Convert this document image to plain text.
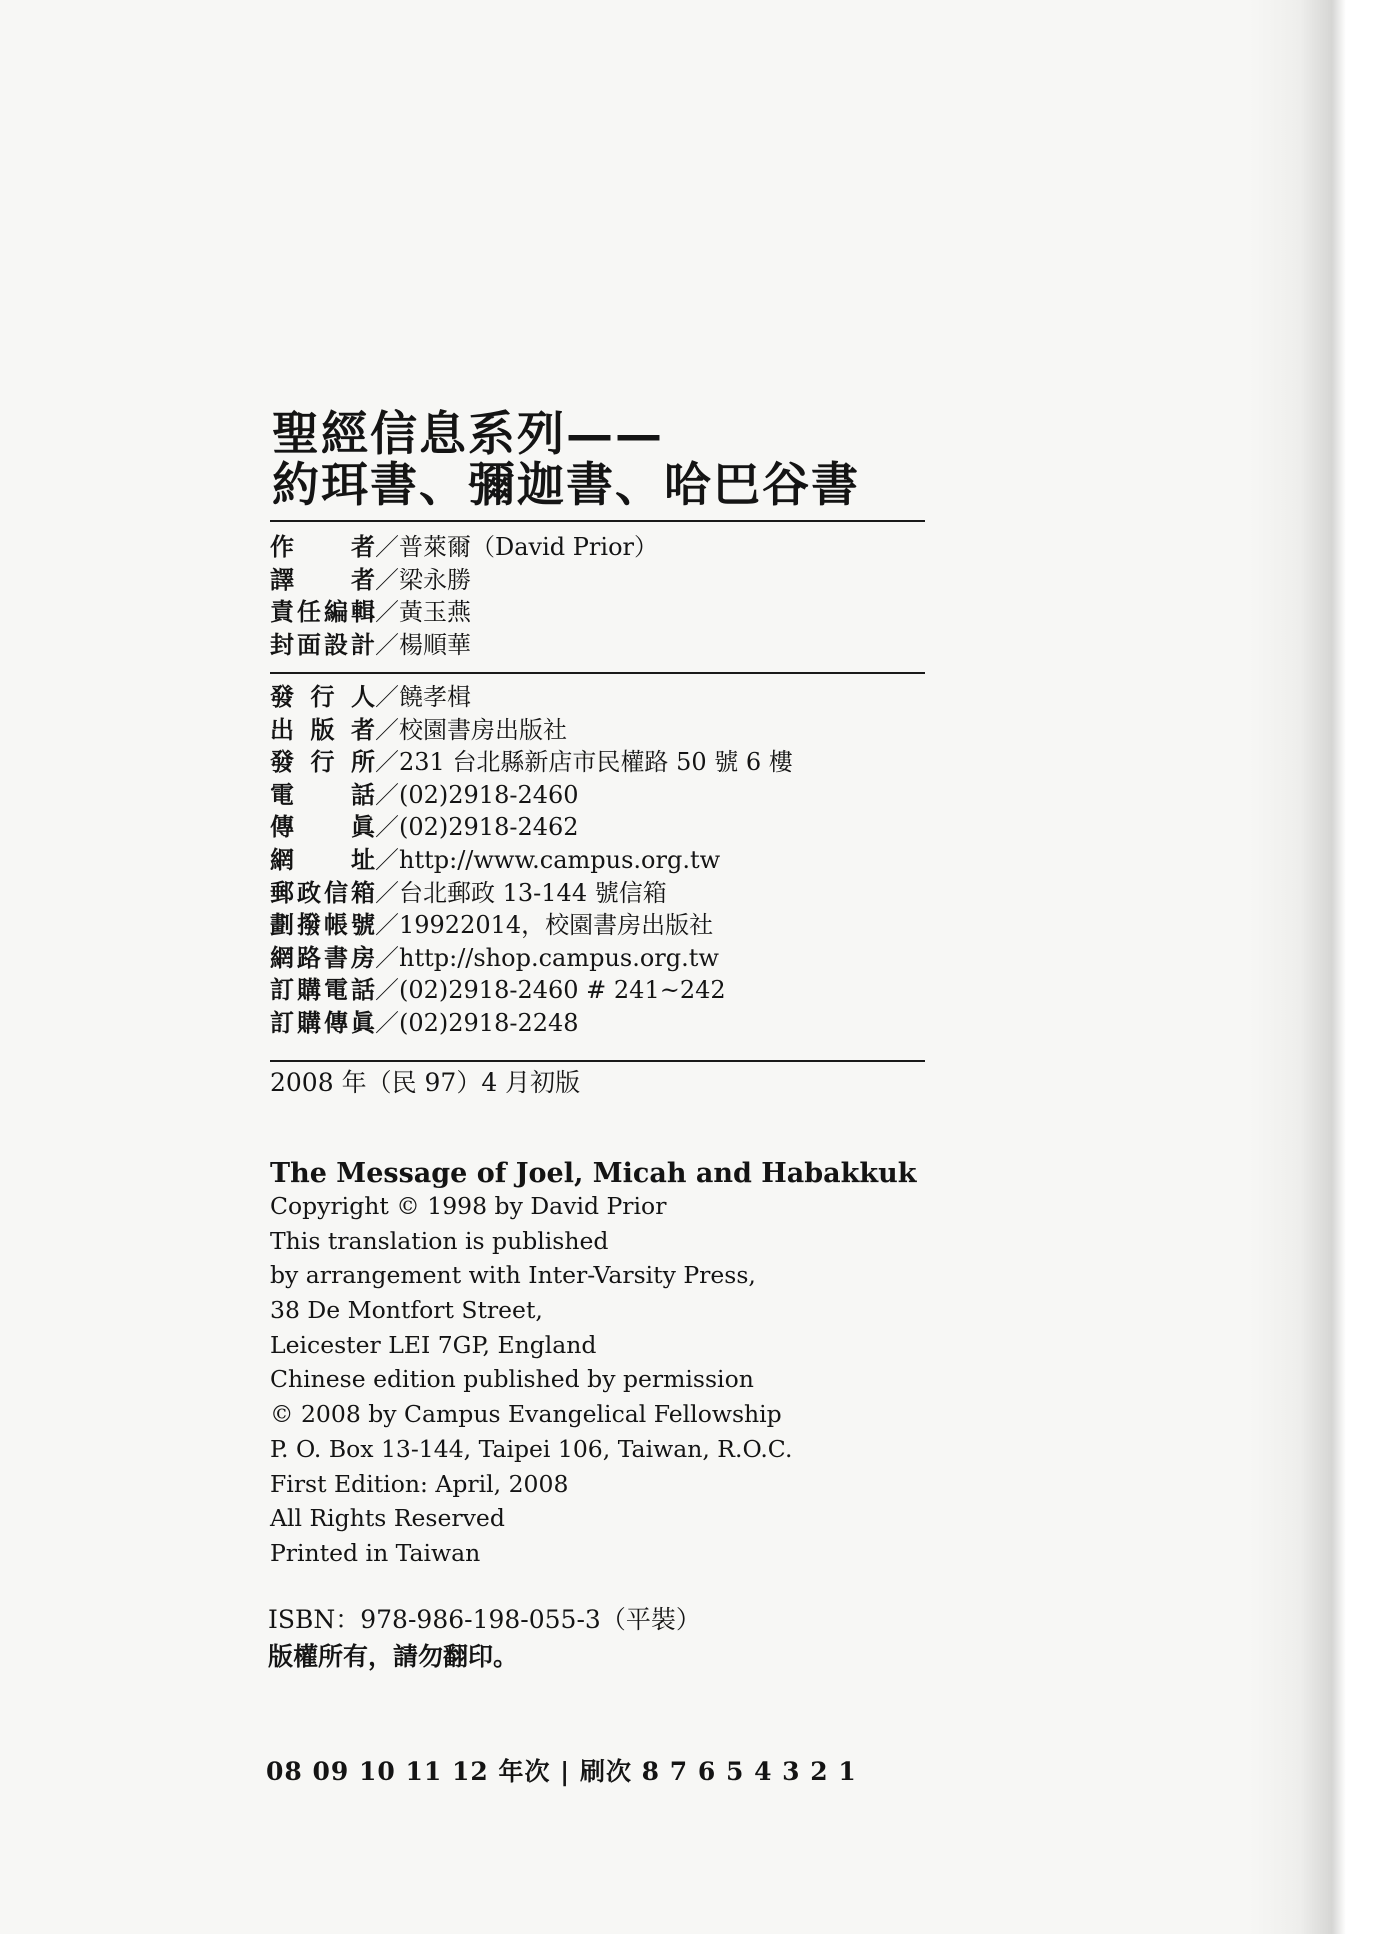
聖經信息系列——
約珥書、彌迦書、哈巴谷書
作　者 ／ 普萊爾（David Prior）
譯　者 ／ 梁永勝
責任編輯 ／ 黃玉燕
封面設計 ／ 楊順華
發行人 ／ 饒孝楫
出版者 ／ 校園書房出版社
發行所 ／ 231 台北縣新店市民權路 50 號 6 樓
電　話 ／ (02)2918-2460
傳　眞 ／ (02)2918-2462
網　址 ／ http://www.campus.org.tw
郵政信箱 ／ 台北郵政 13-144 號信箱
劃撥帳號 ／ 19922014，校園書房出版社
網路書房 ／ http://shop.campus.org.tw
訂購電話 ／ (02)2918-2460 # 241~242
訂購傳眞 ／ (02)2918-2248
2008 年（民 97）4 月初版
The Message of Joel, Micah and Habakkuk
Copyright © 1998 by David Prior
This translation is published
by arrangement with Inter-Varsity Press,
38 De Montfort Street,
Leicester LEI 7GP, England
Chinese edition published by permission
© 2008 by Campus Evangelical Fellowship
P. O. Box 13-144, Taipei 106, Taiwan, R.O.C.
First Edition: April, 2008
All Rights Reserved
Printed in Taiwan
ISBN：978-986-198-055-3（平裝）
版權所有，請勿翻印。
08 09 10 11 12 年次 | 刷次 8 7 6 5 4 3 2 1
